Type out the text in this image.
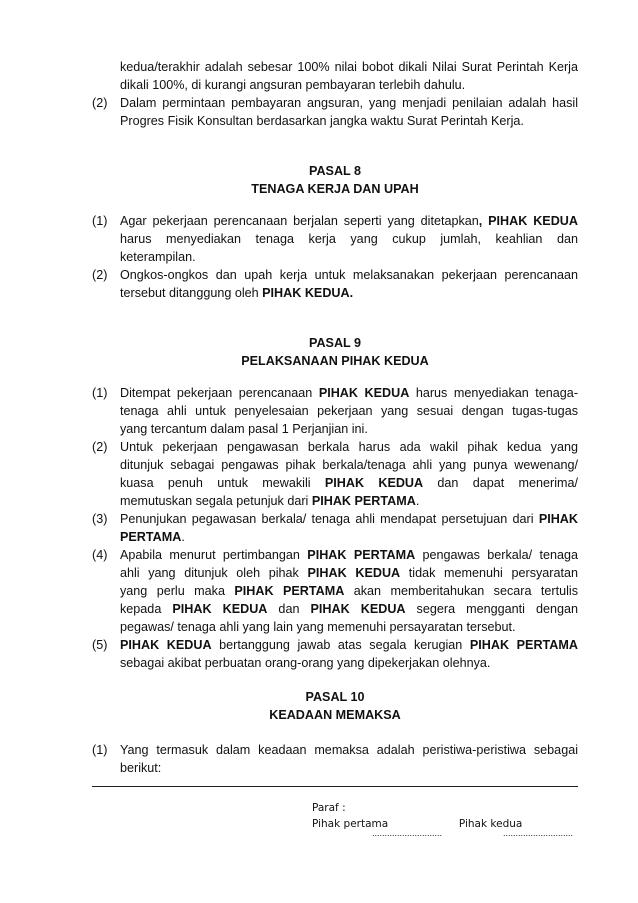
kedua/terakhir adalah sebesar 100% nilai bobot dikali Nilai Surat Perintah Kerja
dikali 100%, di kurangi angsuran pembayaran terlebih dahulu.
(2) Dalam permintaan pembayaran angsuran, yang menjadi penilaian adalah hasil
Progres Fisik Konsultan berdasarkan jangka waktu Surat Perintah Kerja.
PASAL 8
TENAGA KERJA DAN UPAH
(1) Agar pekerjaan perencanaan berjalan seperti yang ditetapkan, PIHAK KEDUA
harus menyediakan tenaga kerja yang cukup jumlah, keahlian dan
keterampilan.
(2) Ongkos-ongkos dan upah kerja untuk melaksanakan pekerjaan perencanaan
tersebut ditanggung oleh PIHAK KEDUA.
PASAL 9
PELAKSANAAN PIHAK KEDUA
(1) Ditempat pekerjaan perencanaan PIHAK KEDUA harus menyediakan tenaga-
tenaga ahli untuk penyelesaian pekerjaan yang sesuai dengan tugas-tugas
yang tercantum dalam pasal 1 Perjanjian ini.
(2) Untuk pekerjaan pengawasan berkala harus ada wakil pihak kedua yang
ditunjuk sebagai pengawas pihak berkala/tenaga ahli yang punya wewenang/
kuasa penuh untuk mewakili PIHAK KEDUA dan dapat menerima/
memutuskan segala petunjuk dari PIHAK PERTAMA.
(3) Penunjukan pegawasan berkala/ tenaga ahli mendapat persetujuan dari PIHAK
PERTAMA.
(4) Apabila menurut pertimbangan PIHAK PERTAMA pengawas berkala/ tenaga
ahli yang ditunjuk oleh pihak PIHAK KEDUA tidak memenuhi persyaratan
yang perlu maka PIHAK PERTAMA akan memberitahukan secara tertulis
kepada PIHAK KEDUA dan PIHAK KEDUA segera mengganti dengan
pegawas/ tenaga ahli yang lain yang memenuhi persayaratan tersebut.
(5) PIHAK KEDUA bertanggung jawab atas segala kerugian PIHAK PERTAMA
sebagai akibat perbuatan orang-orang yang dipekerjakan olehnya.
PASAL 10
KEADAAN MEMAKSA
(1) Yang termasuk dalam keadaan memaksa adalah peristiwa-peristiwa sebagai
berikut:
Paraf :
Pihak pertama	Pihak kedua
............................	............................
